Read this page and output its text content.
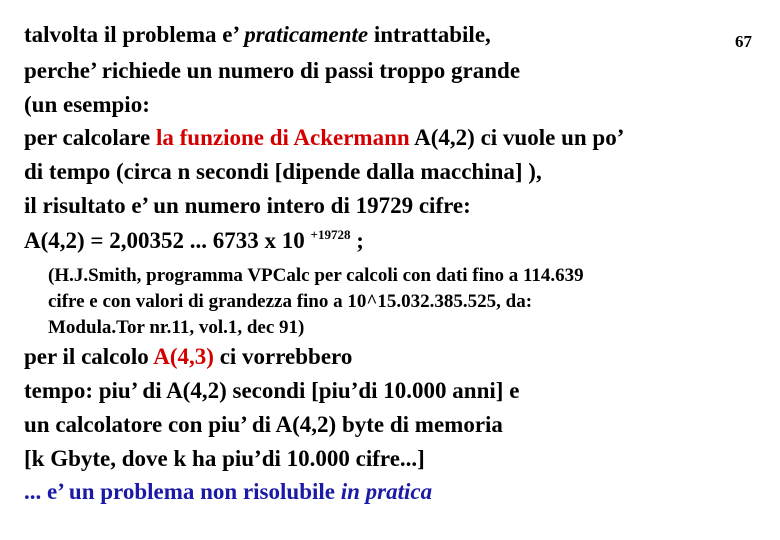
67
talvolta il problema e’ praticamente intrattabile,
perche’ richiede un numero di passi troppo grande
(un esempio:
per calcolare la funzione di Ackermann A(4,2) ci vuole un po’
di tempo (circa n secondi [dipende dalla macchina] ),
il risultato e’ un numero intero di 19729 cifre:
A(4,2) = 2,00352 ... 6733 x 10 $^{+19728}$ ;
(H.J.Smith, programma VPCalc per calcoli con dati fino a 114.639
cifre e con valori di grandezza fino a 10^15.032.385.525, da:
Modula.Tor nr.11, vol.1, dec 91)
per il calcolo A(4,3) ci vorrebbero
tempo: piu’ di A(4,2) secondi [piu’di 10.000 anni] e
un calcolatore con piu’ di A(4,2) byte di memoria
[k Gbyte, dove k ha piu’di 10.000 cifre...]
... e’ un problema non risolubile in pratica
